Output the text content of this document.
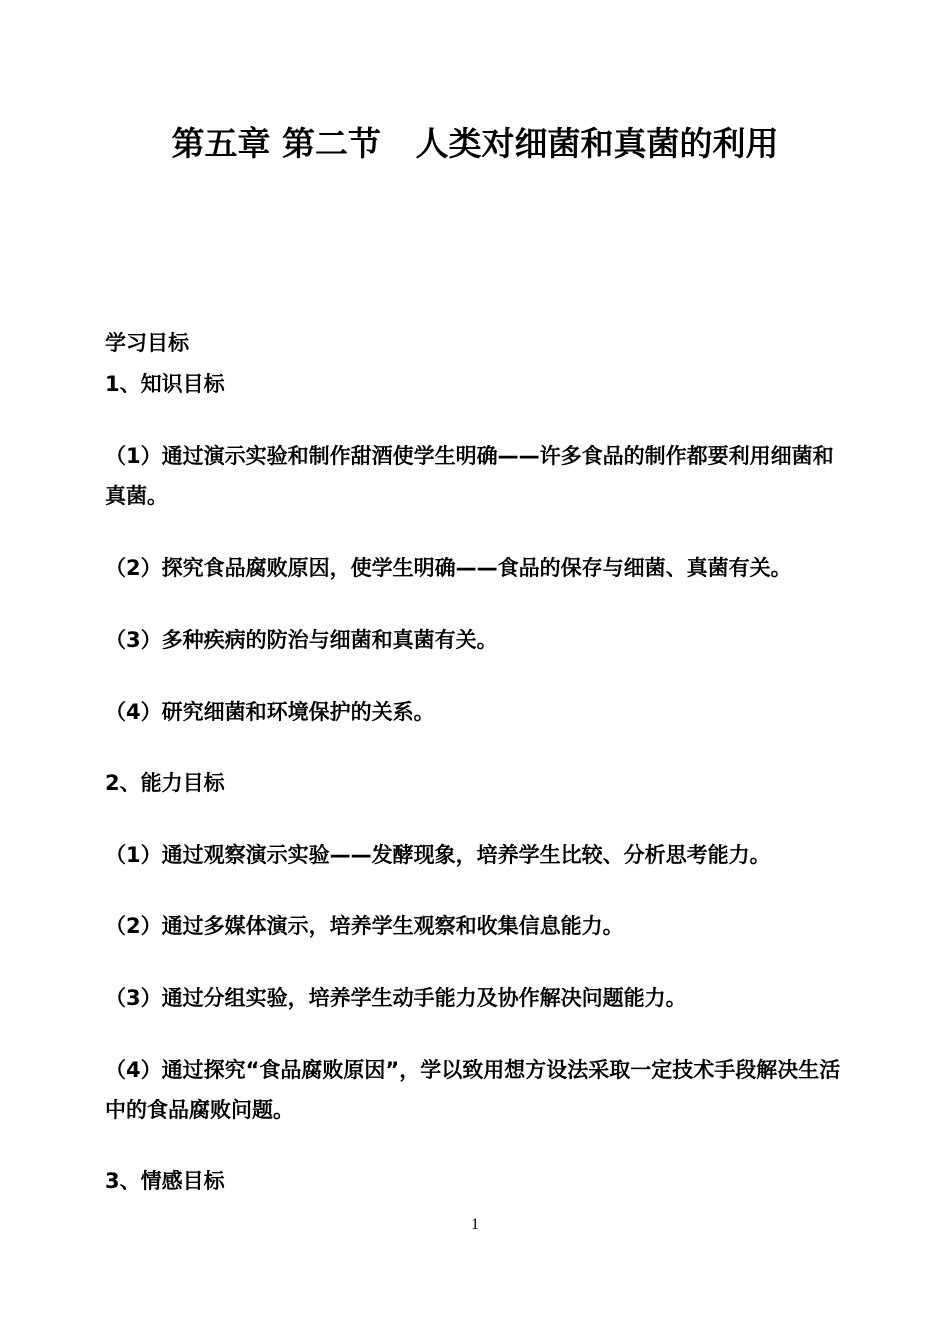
第五章 第二节   人类对细菌和真菌的利用
学习目标
1、知识目标
（1）通过演示实验和制作甜酒使学生明确——许多食品的制作都要利用细菌和真菌。
（2）探究食品腐败原因，使学生明确——食品的保存与细菌、真菌有关。
（3）多种疾病的防治与细菌和真菌有关。
（4）研究细菌和环境保护的关系。
2、能力目标
（1）通过观察演示实验——发酵现象，培养学生比较、分析思考能力。
（2）通过多媒体演示，培养学生观察和收集信息能力。
（3）通过分组实验，培养学生动手能力及协作解决问题能力。
（4）通过探究“食品腐败原因”，学以致用想方设法采取一定技术手段解决生活中的食品腐败问题。
3、情感目标
1
